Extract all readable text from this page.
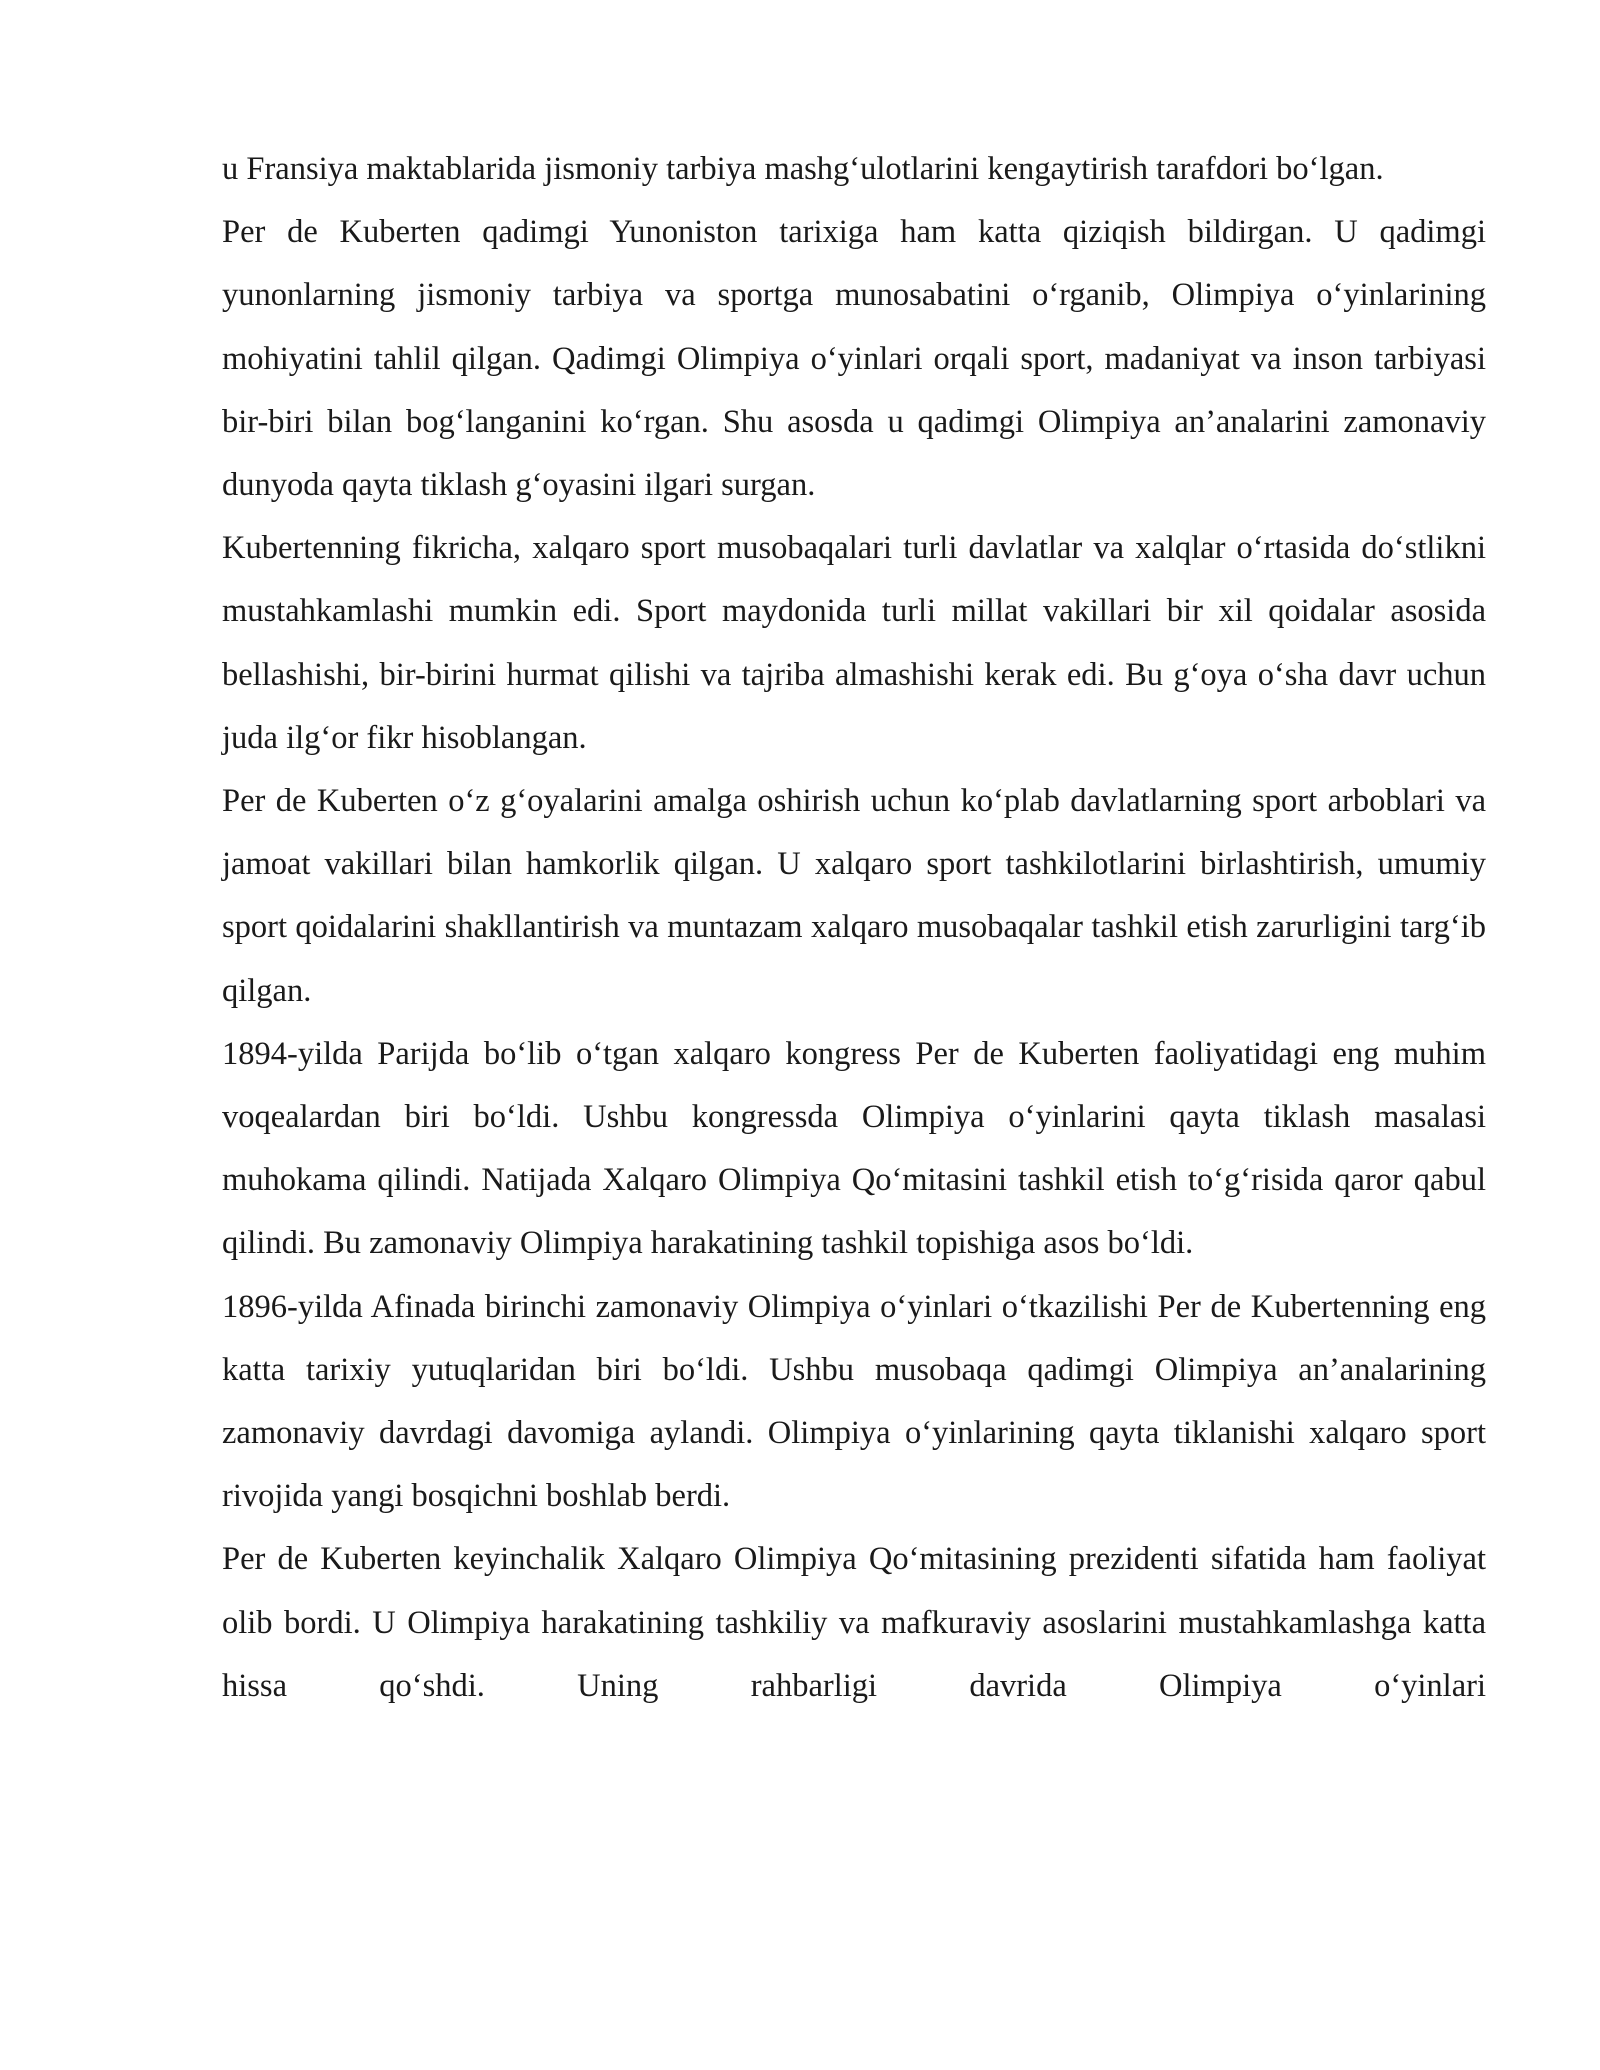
u Fransiya maktablarida jismoniy tarbiya mashg‘ulotlarini kengaytirish tarafdori bo‘lgan.

Per de Kuberten qadimgi Yunoniston tarixiga ham katta qiziqish bildirgan. U qadimgi yunonlarning jismoniy tarbiya va sportga munosabatini o‘rganib, Olimpiya o‘yinlarining mohiyatini tahlil qilgan. Qadimgi Olimpiya o‘yinlari orqali sport, madaniyat va inson tarbiyasi bir-biri bilan bog‘langanini ko‘rgan. Shu asosda u qadimgi Olimpiya an’analarini zamonaviy dunyoda qayta tiklash g‘oyasini ilgari surgan.

Kubertenning fikricha, xalqaro sport musobaqalari turli davlatlar va xalqlar o‘rtasida do‘stlikni mustahkamlashi mumkin edi. Sport maydonida turli millat vakillari bir xil qoidalar asosida bellashishi, bir-birini hurmat qilishi va tajriba almashishi kerak edi. Bu g‘oya o‘sha davr uchun juda ilg‘or fikr hisoblangan.

Per de Kuberten o‘z g‘oyalarini amalga oshirish uchun ko‘plab davlatlarning sport arboblari va jamoat vakillari bilan hamkorlik qilgan. U xalqaro sport tashkilotlarini birlashtirish, umumiy sport qoidalarini shakllantirish va muntazam xalqaro musobaqalar tashkil etish zarurligini targ‘ib qilgan.

1894-yilda Parijda bo‘lib o‘tgan xalqaro kongress Per de Kuberten faoliyatidagi eng muhim voqealardan biri bo‘ldi. Ushbu kongressda Olimpiya o‘yinlarini qayta tiklash masalasi muhokama qilindi. Natijada Xalqaro Olimpiya Qo‘mitasini tashkil etish to‘g‘risida qaror qabul qilindi. Bu zamonaviy Olimpiya harakatining tashkil topishiga asos bo‘ldi.

1896-yilda Afinada birinchi zamonaviy Olimpiya o‘yinlari o‘tkazilishi Per de Kubertenning eng katta tarixiy yutuqlaridan biri bo‘ldi. Ushbu musobaqa qadimgi Olimpiya an’analarining zamonaviy davrdagi davomiga aylandi. Olimpiya o‘yinlarining qayta tiklanishi xalqaro sport rivojida yangi bosqichni boshlab berdi.

Per de Kuberten keyinchalik Xalqaro Olimpiya Qo‘mitasining prezidenti sifatida ham faoliyat olib bordi. U Olimpiya harakatining tashkiliy va mafkuraviy asoslarini mustahkamlashga katta hissa qo‘shdi. Uning rahbarligi davrida Olimpiya o‘yinlari
